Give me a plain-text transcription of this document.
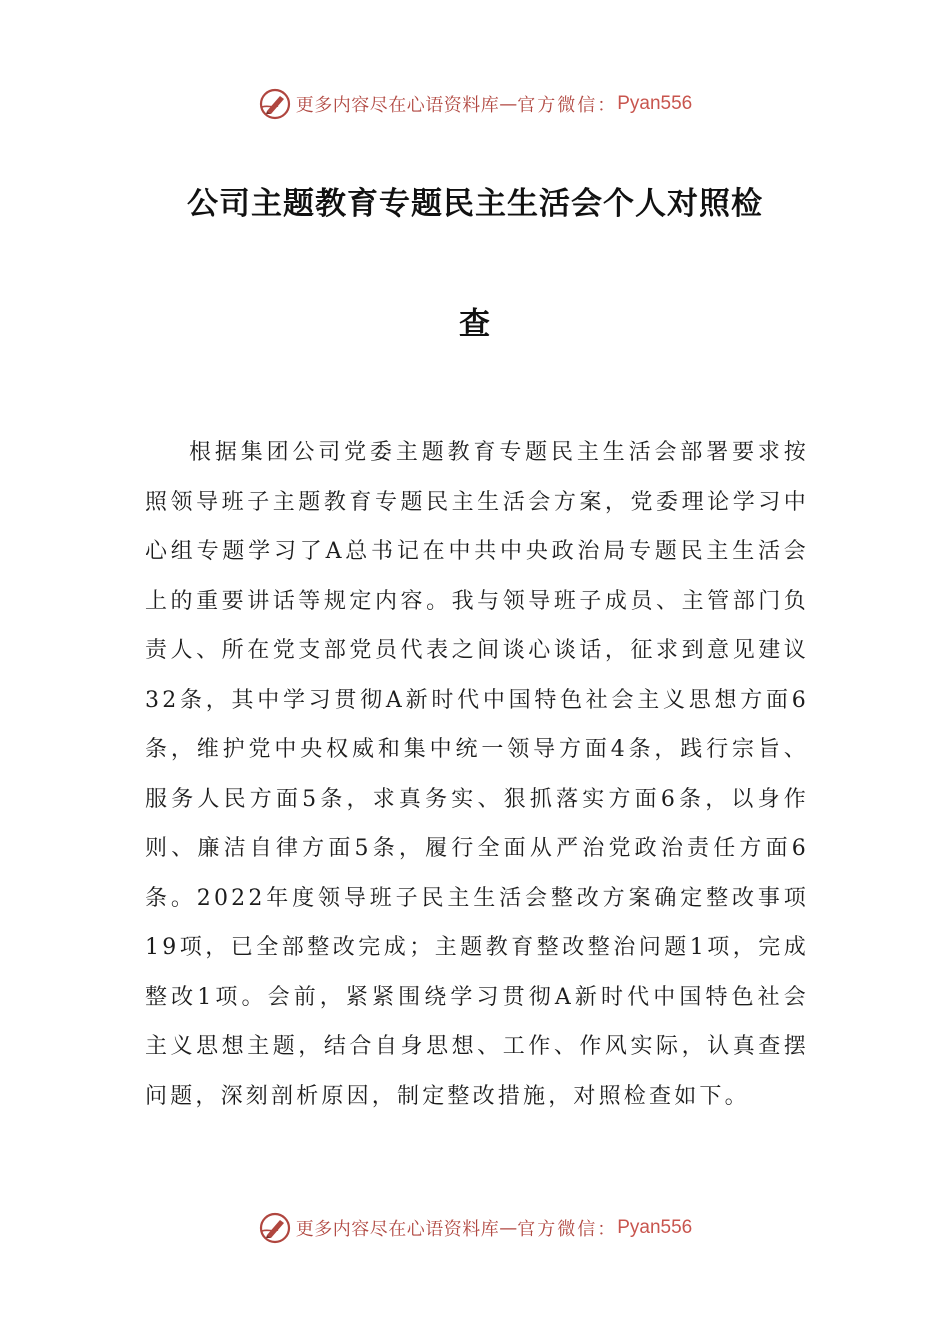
更多内容尽在心语资料库 — 官方微信： Pyan556
公司主题教育专题民主生活会个人对照检
查

根据集团公司党委主题教育专题民主生活会部署要求按照领导班子主题教育专题民主生活会方案，党委理论学习中心组专题学习了A总书记在中共中央政治局专题民主生活会上的重要讲话等规定内容。我与领导班子成员、主管部门负责人、所在党支部党员代表之间谈心谈话，征求到意见建议32条，其中学习贯彻A新时代中国特色社会主义思想方面6条，维护党中央权威和集中统一领导方面4条，践行宗旨、服务人民方面5条，求真务实、狠抓落实方面6条，以身作则、廉洁自律方面5条，履行全面从严治党政治责任方面6条。2022年度领导班子民主生活会整改方案确定整改事项19项，已全部整改完成；主题教育整改整治问题1项，完成整改1项。会前，紧紧围绕学习贯彻A新时代中国特色社会主义思想主题，结合自身思想、工作、作风实际，认真查摆问题，深刻剖析原因，制定整改措施，对照检查如下。

更多内容尽在心语资料库 — 官方微信： Pyan556
